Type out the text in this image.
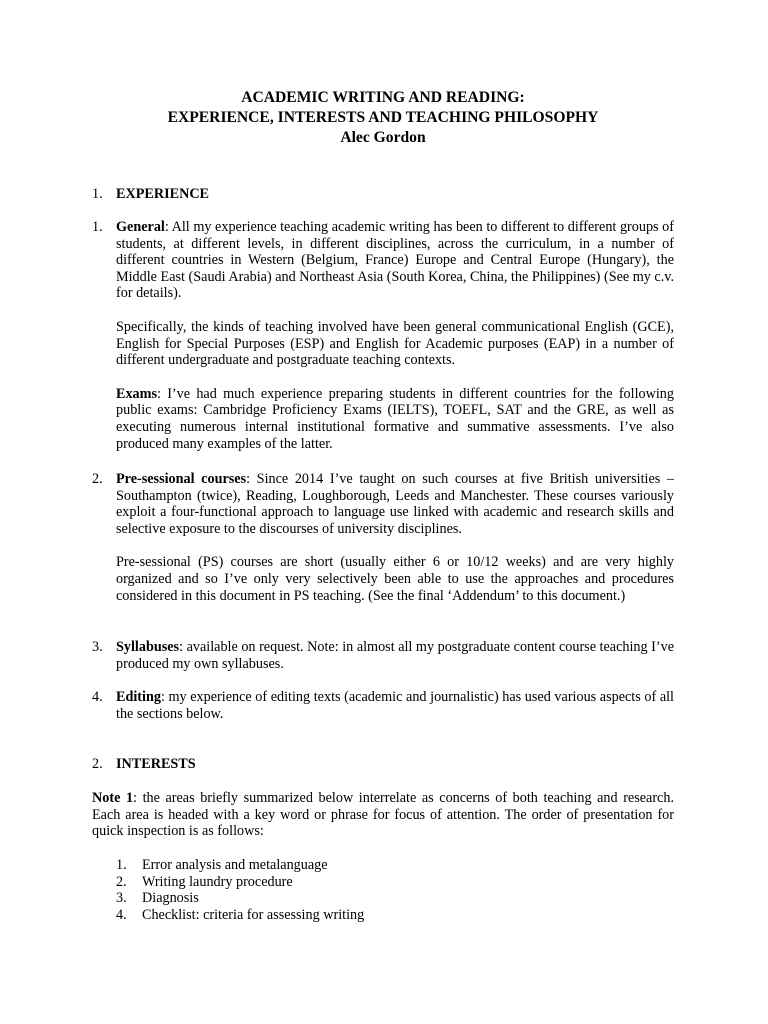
ACADEMIC WRITING AND READING:
EXPERIENCE, INTERESTS AND TEACHING PHILOSOPHY
Alec Gordon
1. EXPERIENCE
1. General: All my experience teaching academic writing has been to different to different groups of students, at different levels, in different disciplines, across the curriculum, in a number of different countries in Western (Belgium, France) Europe and Central Europe (Hungary), the Middle East (Saudi Arabia) and Northeast Asia (South Korea, China, the Philippines) (See my c.v. for details).

Specifically, the kinds of teaching involved have been general communicational English (GCE), English for Special Purposes (ESP) and English for Academic purposes (EAP) in a number of different undergraduate and postgraduate teaching contexts.

Exams: I’ve had much experience preparing students in different countries for the following public exams: Cambridge Proficiency Exams (IELTS), TOEFL, SAT and the GRE, as well as executing numerous internal institutional formative and summative assessments. I’ve also produced many examples of the latter.

2. Pre-sessional courses: Since 2014 I’ve taught on such courses at five British universities – Southampton (twice), Reading, Loughborough, Leeds and Manchester. These courses variously exploit a four-functional approach to language use linked with academic and research skills and selective exposure to the discourses of university disciplines.

Pre-sessional (PS) courses are short (usually either 6 or 10/12 weeks) and are very highly organized and so I’ve only very selectively been able to use the approaches and procedures considered in this document in PS teaching. (See the final ‘Addendum’ to this document.)

3. Syllabuses: available on request. Note: in almost all my postgraduate content course teaching I’ve produced my own syllabuses.

4. Editing: my experience of editing texts (academic and journalistic) has used various aspects of all the sections below.

2. INTERESTS

Note 1: the areas briefly summarized below interrelate as concerns of both teaching and research. Each area is headed with a key word or phrase for focus of attention. The order of presentation for quick inspection is as follows:

1. Error analysis and metalanguage
2. Writing laundry procedure
3. Diagnosis
4. Checklist: criteria for assessing writing
